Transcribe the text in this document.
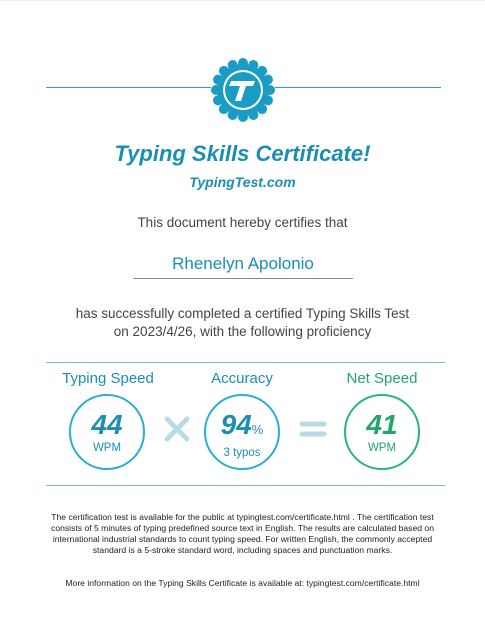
Typing Skills Certificate!
TypingTest.com
This document hereby certifies that
Rhenelyn Apolonio
has successfully completed a certified Typing Skills Test on 2023/4/26, with the following proficiency
Typing Speed	Accuracy	Net Speed
44
WPM
94%
3 typos
41
WPM
The certification test is available for the public at typingtest.com/certificate.html . The certification test consists of 5 minutes of typing predefined source text in English. The results are calculated based on international industrial standards to count typing speed. For written English, the commonly accepted standard is a 5-stroke standard word, including spaces and punctuation marks.
More information on the Typing Skills Certificate is available at: typingtest.com/certificate.html
